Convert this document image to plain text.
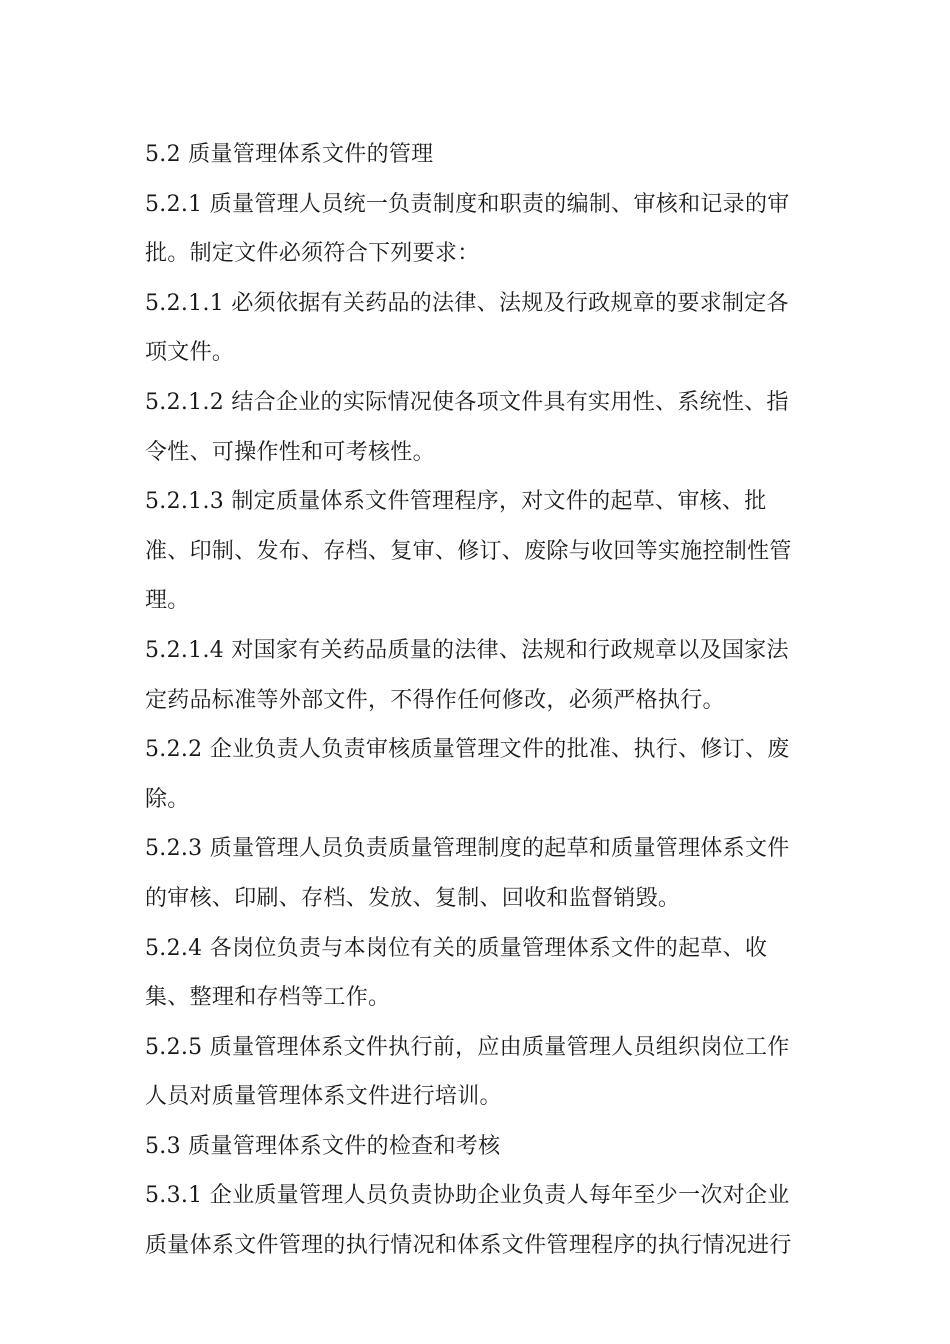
5.2 质量管理体系文件的管理

5.2.1 质量管理人员统一负责制度和职责的编制、审核和记录的审批。制定文件必须符合下列要求：

5.2.1.1 必须依据有关药品的法律、法规及行政规章的要求制定各项文件。

5.2.1.2 结合企业的实际情况使各项文件具有实用性、系统性、指令性、可操作性和可考核性。

5.2.1.3 制定质量体系文件管理程序，对文件的起草、审核、批准、印制、发布、存档、复审、修订、废除与收回等实施控制性管理。

5.2.1.4 对国家有关药品质量的法律、法规和行政规章以及国家法定药品标准等外部文件，不得作任何修改，必须严格执行。

5.2.2 企业负责人负责审核质量管理文件的批准、执行、修订、废除。

5.2.3 质量管理人员负责质量管理制度的起草和质量管理体系文件的审核、印刷、存档、发放、复制、回收和监督销毁。

5.2.4 各岗位负责与本岗位有关的质量管理体系文件的起草、收集、整理和存档等工作。

5.2.5 质量管理体系文件执行前，应由质量管理人员组织岗位工作人员对质量管理体系文件进行培训。

5.3 质量管理体系文件的检查和考核

5.3.1 企业质量管理人员负责协助企业负责人每年至少一次对企业质量体系文件管理的执行情况和体系文件管理程序的执行情况进行
